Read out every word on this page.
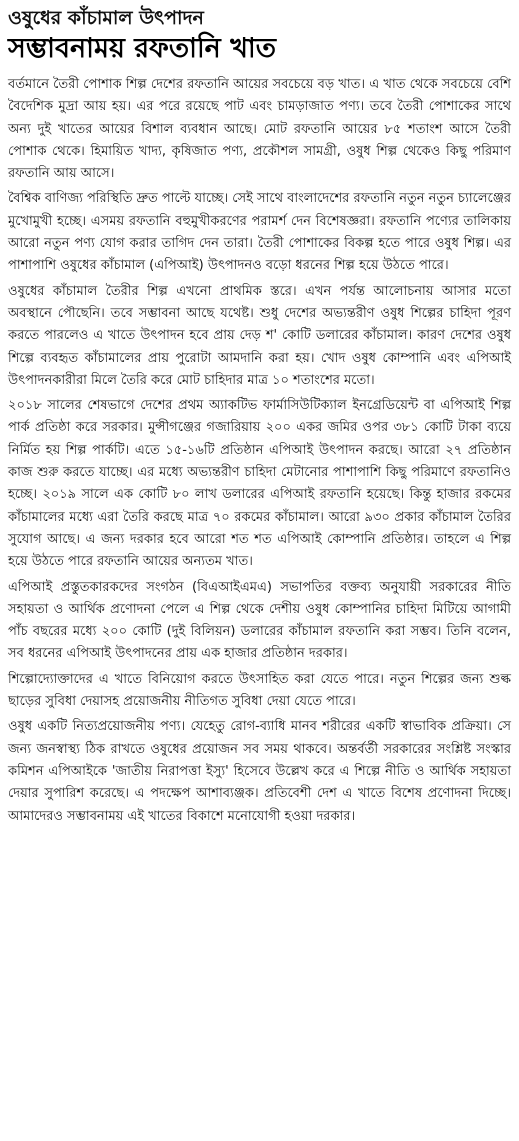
ওষুধের কাঁচামাল উৎপাদন
সম্ভাবনাময় রফতানি খাত

বর্তমানে তৈরী পোশাক শিল্প দেশের রফতানি আয়ের সবচেয়ে বড় খাত। এ খাত থেকে সবচেয়ে বেশি বৈদেশিক মুদ্রা আয় হয়। এর পরে রয়েছে পাট এবং চামড়াজাত পণ্য। তবে তৈরী পোশাকের সাথে অন্য দুই খাতের আয়ের বিশাল ব্যবধান আছে। মোট রফতানি আয়ের ৮৫ শতাংশ আসে তৈরী পোশাক থেকে। হিমায়িত খাদ্য, কৃষিজাত পণ্য, প্রকৌশল সামগ্রী, ওষুধ শিল্প থেকেও কিছু পরিমাণ রফতানি আয় আসে।

বৈশ্বিক বাণিজ্য পরিস্থিতি দ্রুত পাল্টে যাচ্ছে। সেই সাথে বাংলাদেশের রফতানি নতুন নতুন চ্যালেঞ্জের মুখোমুখী হচ্ছে। এসময় রফতানি বহুমুখীকরণের পরামর্শ দেন বিশেষজ্ঞরা। রফতানি পণ্যের তালিকায় আরো নতুন পণ্য যোগ করার তাগিদ দেন তারা। তৈরী পোশাকের বিকল্প হতে পারে ওষুধ শিল্প। এর পাশাপাশি ওষুধের কাঁচামাল (এপিআই) উৎপাদনও বড়ো ধরনের শিল্প হয়ে উঠতে পারে।

ওষুধের কাঁচামাল তৈরীর শিল্প এখনো প্রাথমিক স্তরে। এখন পর্যন্ত আলোচনায় আসার মতো অবস্থানে পৌছেনি। তবে সম্ভাবনা আছে যথেষ্ট। শুধু দেশের অভ্যন্তরীণ ওষুধ শিল্পের চাহিদা পূরণ করতে পারলেও এ খাতে উৎপাদন হবে প্রায় দেড় শ' কোটি ডলারের কাঁচামাল। কারণ দেশের ওষুধ শিল্পে ব্যবহৃত কাঁচামালের প্রায় পুরোটা আমদানি করা হয়। খোদ ওষুধ কোম্পানি এবং এপিআই উৎপাদনকারীরা মিলে তৈরি করে মোট চাহিদার মাত্র ১০ শতাংশের মতো।

২০১৮ সালের শেষভাগে দেশের প্রথম অ্যাকটিভ ফার্মাসিউটিক্যাল ইনগ্রেডিয়েন্ট বা এপিআই শিল্প পার্ক প্রতিষ্ঠা করে সরকার। মুন্সীগঞ্জের গজারিয়ায় ২০০ একর জমির ওপর ৩৮১ কোটি টাকা ব্যয়ে নির্মিত হয় শিল্প পার্কটি। এতে ১৫-১৬টি প্রতিষ্ঠান এপিআই উৎপাদন করছে। আরো ২৭ প্রতিষ্ঠান কাজ শুরু করতে যাচ্ছে। এর মধ্যে অভ্যন্তরীণ চাহিদা মেটানোর পাশাপাশি কিছু পরিমাণে রফতানিও হচ্ছে। ২০১৯ সালে এক কোটি ৮০ লাখ ডলারের এপিআই রফতানি হয়েছে। কিন্তু হাজার রকমের কাঁচামালের মধ্যে এরা তৈরি করছে মাত্র ৭০ রকমের কাঁচামাল। আরো ৯৩০ প্রকার কাঁচামাল তৈরির সুযোগ আছে। এ জন্য দরকার হবে আরো শত শত এপিআই কোম্পানি প্রতিষ্ঠার। তাহলে এ শিল্প হয়ে উঠতে পারে রফতানি আয়ের অন্যতম খাত।

এপিআই প্রস্তুতকারকদের সংগঠন (বিএআইএমএ) সভাপতির বক্তব্য অনুযায়ী সরকারের নীতি সহায়তা ও আর্থিক প্রণোদনা পেলে এ শিল্প থেকে দেশীয় ওষুধ কোম্পানির চাহিদা মিটিয়ে আগামী পাঁচ বছরের মধ্যে ২০০ কোটি (দুই বিলিয়ন) ডলারের কাঁচামাল রফতানি করা সম্ভব। তিনি বলেন, সব ধরনের এপিআই উৎপাদনের প্রায় এক হাজার প্রতিষ্ঠান দরকার।

শিল্পোদ্যোক্তাদের এ খাতে বিনিয়োগ করতে উৎসাহিত করা যেতে পারে। নতুন শিল্পের জন্য শুল্ক ছাড়ের সুবিধা দেয়াসহ প্রয়োজনীয় নীতিগত সুবিধা দেয়া যেতে পারে।

ওষুধ একটি নিত্যপ্রয়োজনীয় পণ্য। যেহেতু রোগ-ব্যাধি মানব শরীরের একটি স্বাভাবিক প্রক্রিয়া। সে জন্য জনস্বাস্থ্য ঠিক রাখতে ওষুধের প্রয়োজন সব সময় থাকবে। অন্তর্বর্তী সরকারের সংশ্লিষ্ট সংস্কার কমিশন এপিআইকে 'জাতীয় নিরাপত্তা ইস্যু' হিসেবে উল্লেখ করে এ শিল্পে নীতি ও আর্থিক সহায়তা দেয়ার সুপারিশ করেছে। এ পদক্ষেপ আশাব্যঞ্জক। প্রতিবেশী দেশ এ খাতে বিশেষ প্রণোদনা দিচ্ছে। আমাদেরও সম্ভাবনাময় এই খাতের বিকাশে মনোযোগী হওয়া দরকার।
